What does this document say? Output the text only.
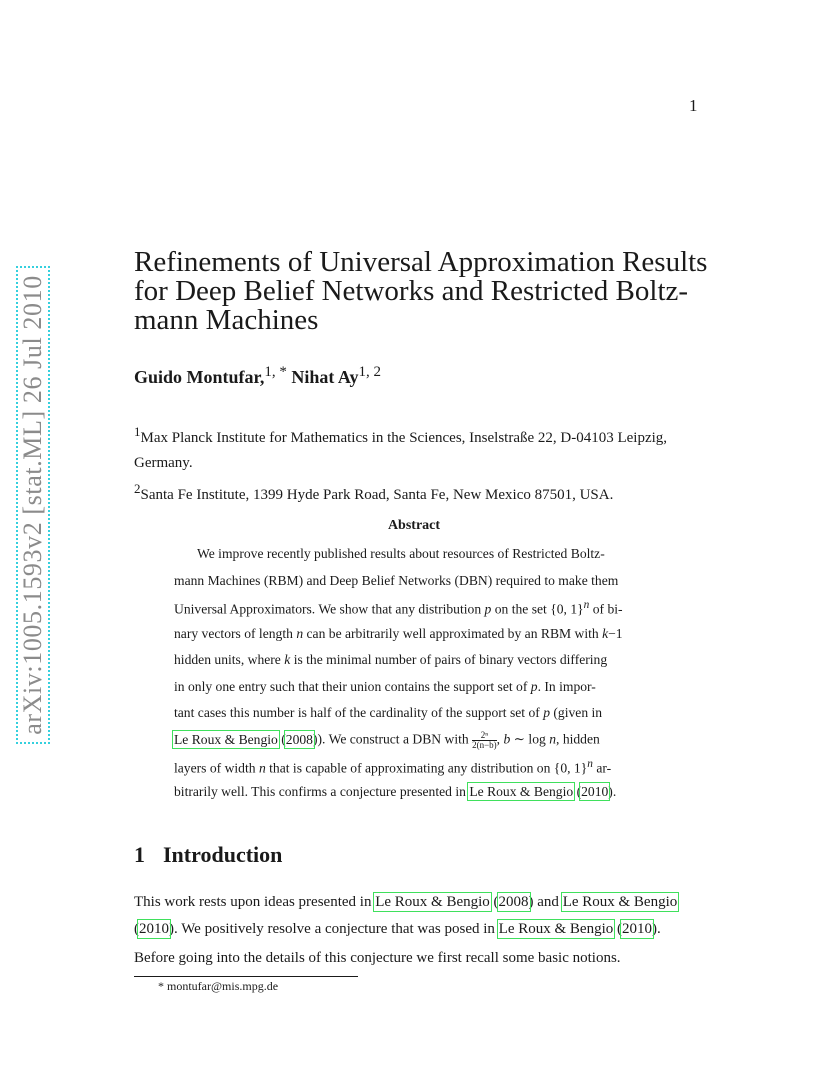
1
arXiv:1005.1593v2 [stat.ML] 26 Jul 2010
Refinements of Universal Approximation Results
for Deep Belief Networks and Restricted Boltz-
mann Machines
Guido Montufar,$^{1, *}$ Nihat Ay$^{1, 2}$
$^1$Max Planck Institute for Mathematics in the Sciences, Inselstraße 22, D-04103 Leipzig,
Germany.
$^2$Santa Fe Institute, 1399 Hyde Park Road, Santa Fe, New Mexico 87501, USA.
Abstract
We improve recently published results about resources of Restricted Boltz-
mann Machines (RBM) and Deep Belief Networks (DBN) required to make them
Universal Approximators. We show that any distribution p on the set {0, 1}$^n$ of bi-
nary vectors of length n can be arbitrarily well approximated by an RBM with k−1
hidden units, where k is the minimal number of pairs of binary vectors differing
in only one entry such that their union contains the support set of p. In impor-
tant cases this number is half of the cardinality of the support set of p (given in
Le Roux & Bengio (2008)). We construct a DBN with $\frac{\text{2ⁿ}}{2(n-b)}$ , b ∼ log n, hidden
layers of width n that is capable of approximating any distribution on {0, 1}$^n$ ar-
bitrarily well. This confirms a conjecture presented in Le Roux & Bengio (2010).
1 Introduction
This work rests upon ideas presented in Le Roux & Bengio (2008) and Le Roux & Bengio
(2010). We positively resolve a conjecture that was posed in Le Roux & Bengio (2010).
Before going into the details of this conjecture we first recall some basic notions.
* montufar@mis.mpg.de
